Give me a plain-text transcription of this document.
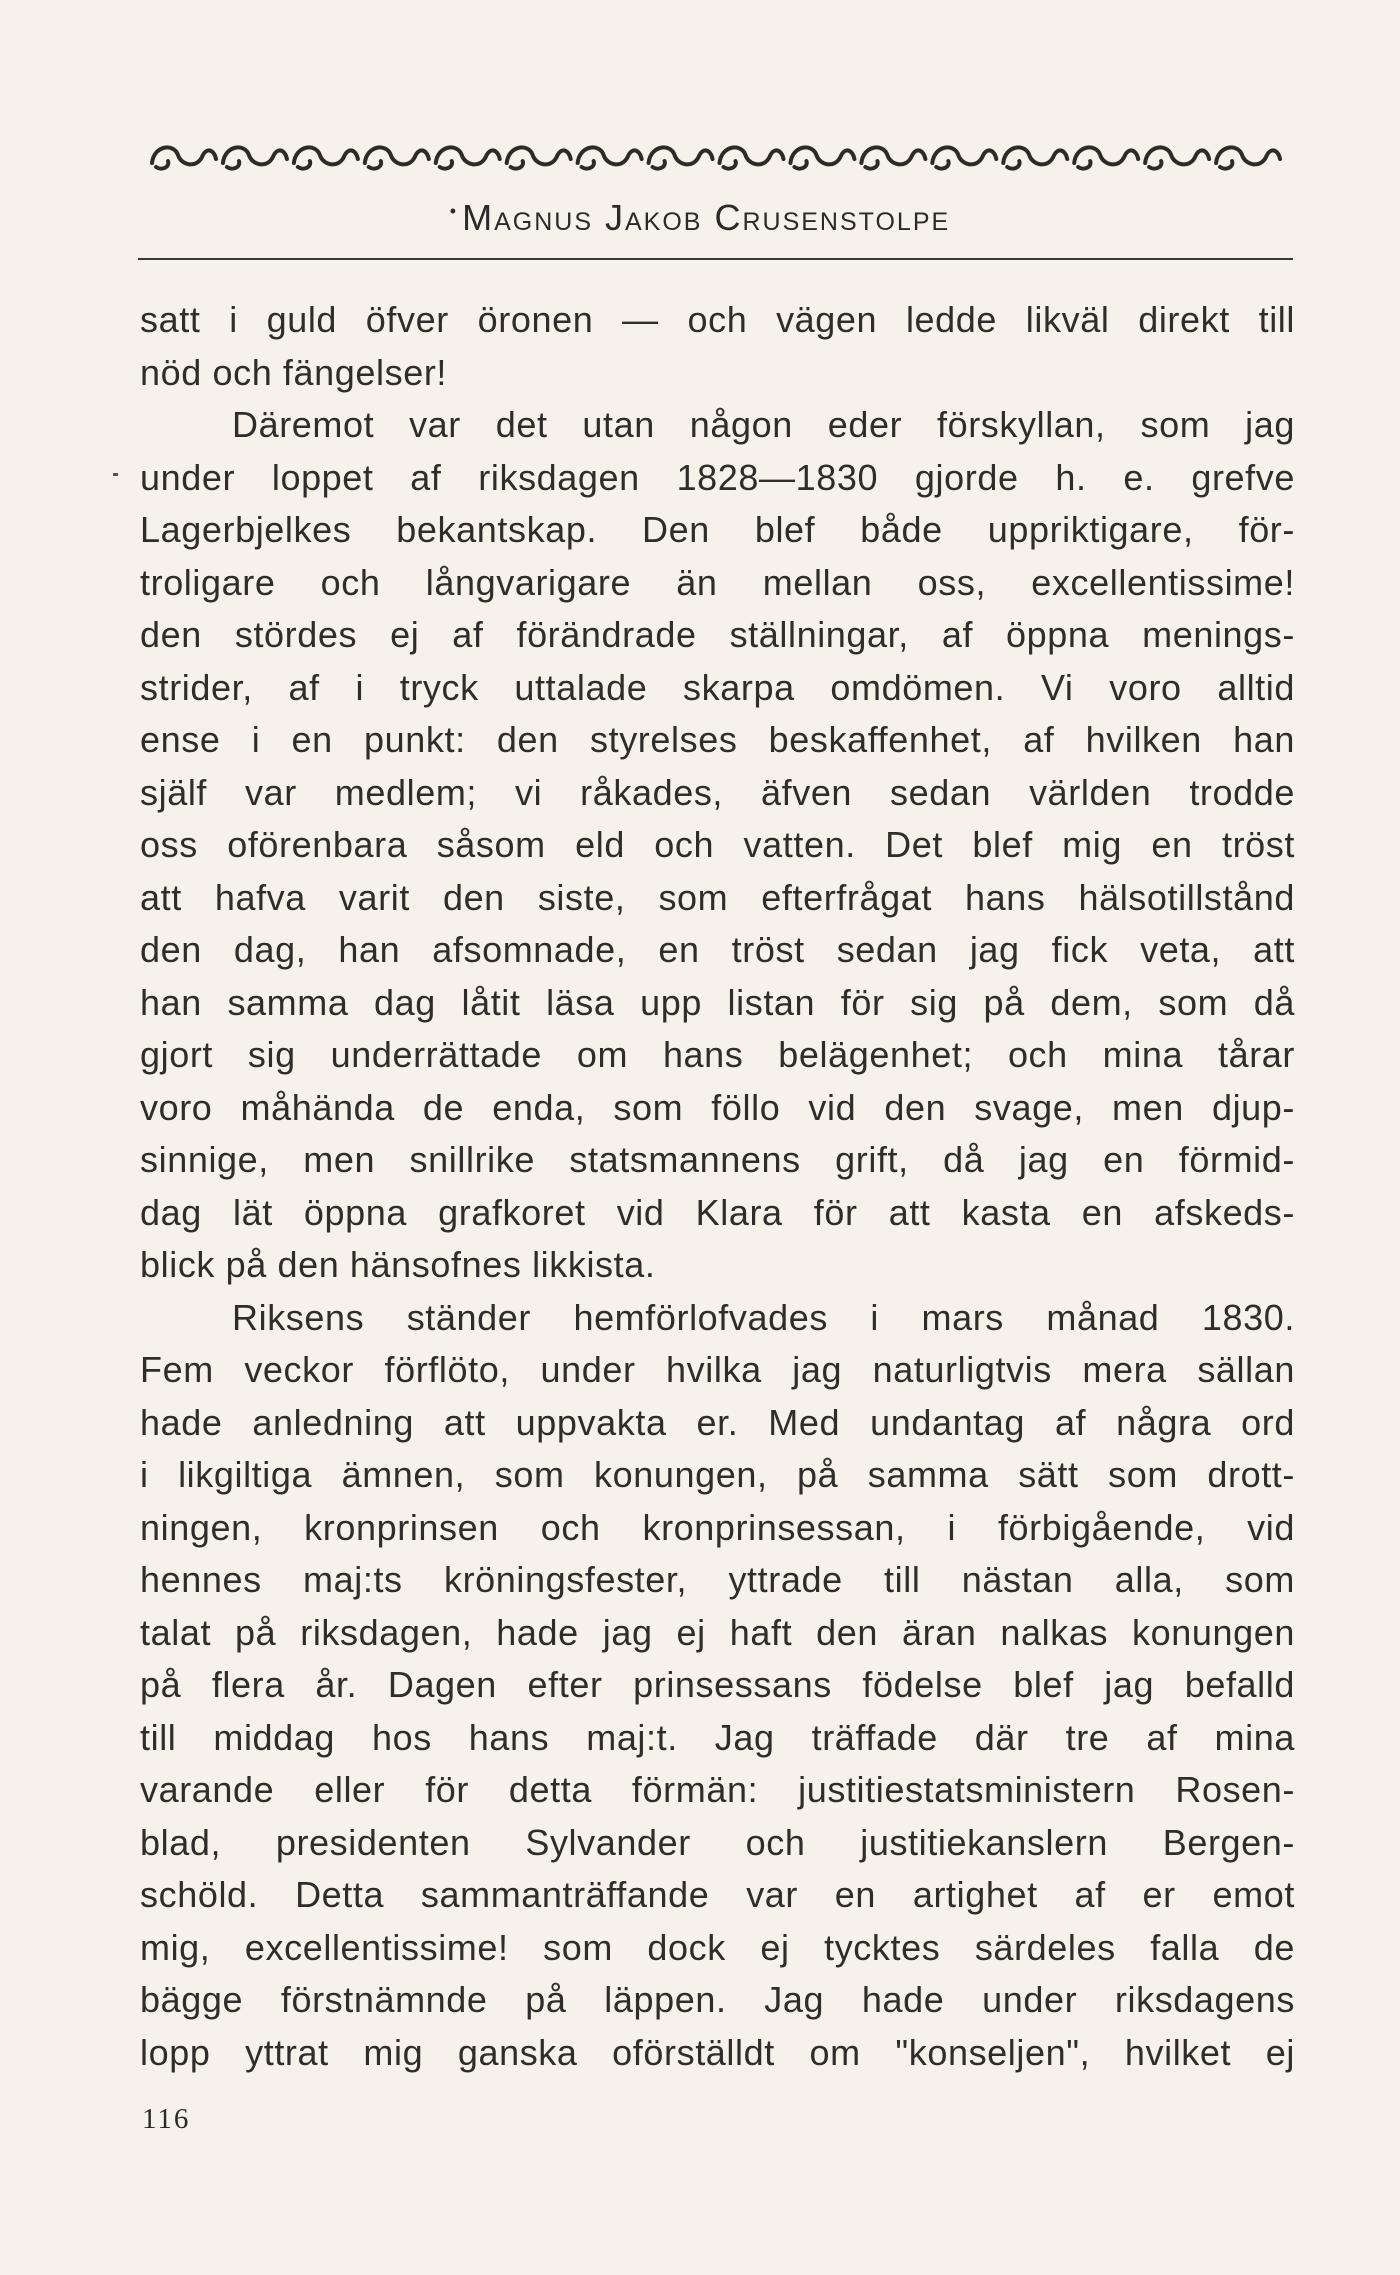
• Magnus Jakob Crusenstolpe
satt i guld öfver öronen — och vägen ledde likväl direkt till
nöd och fängelser!
Däremot var det utan någon eder förskyllan, som jag
under loppet af riksdagen 1828—1830 gjorde h. e. grefve
Lagerbjelkes bekantskap. Den blef både uppriktigare, för-
troligare och långvarigare än mellan oss, excellentissime!
den stördes ej af förändrade ställningar, af öppna menings-
strider, af i tryck uttalade skarpa omdömen. Vi voro alltid
ense i en punkt: den styrelses beskaffenhet, af hvilken han
själf var medlem; vi råkades, äfven sedan världen trodde
oss oförenbara såsom eld och vatten. Det blef mig en tröst
att hafva varit den siste, som efterfrågat hans hälsotillstånd
den dag, han afsomnade, en tröst sedan jag fick veta, att
han samma dag låtit läsa upp listan för sig på dem, som då
gjort sig underrättade om hans belägenhet; och mina tårar
voro måhända de enda, som föllo vid den svage, men djup-
sinnige, men snillrike statsmannens grift, då jag en förmid-
dag lät öppna grafkoret vid Klara för att kasta en afskeds-
blick på den hänsofnes likkista.
Riksens ständer hemförlofvades i mars månad 1830.
Fem veckor förflöto, under hvilka jag naturligtvis mera sällan
hade anledning att uppvakta er. Med undantag af några ord
i likgiltiga ämnen, som konungen, på samma sätt som drott-
ningen, kronprinsen och kronprinsessan, i förbigående, vid
hennes maj:ts kröningsfester, yttrade till nästan alla, som
talat på riksdagen, hade jag ej haft den äran nalkas konungen
på flera år. Dagen efter prinsessans födelse blef jag befalld
till middag hos hans maj:t. Jag träffade där tre af mina
varande eller för detta förmän: justitiestatsministern Rosen-
blad, presidenten Sylvander och justitiekanslern Bergen-
schöld. Detta sammanträffande var en artighet af er emot
mig, excellentissime! som dock ej tycktes särdeles falla de
bägge förstnämnde på läppen. Jag hade under riksdagens
lopp yttrat mig ganska oförställdt om "konseljen", hvilket ej
116
